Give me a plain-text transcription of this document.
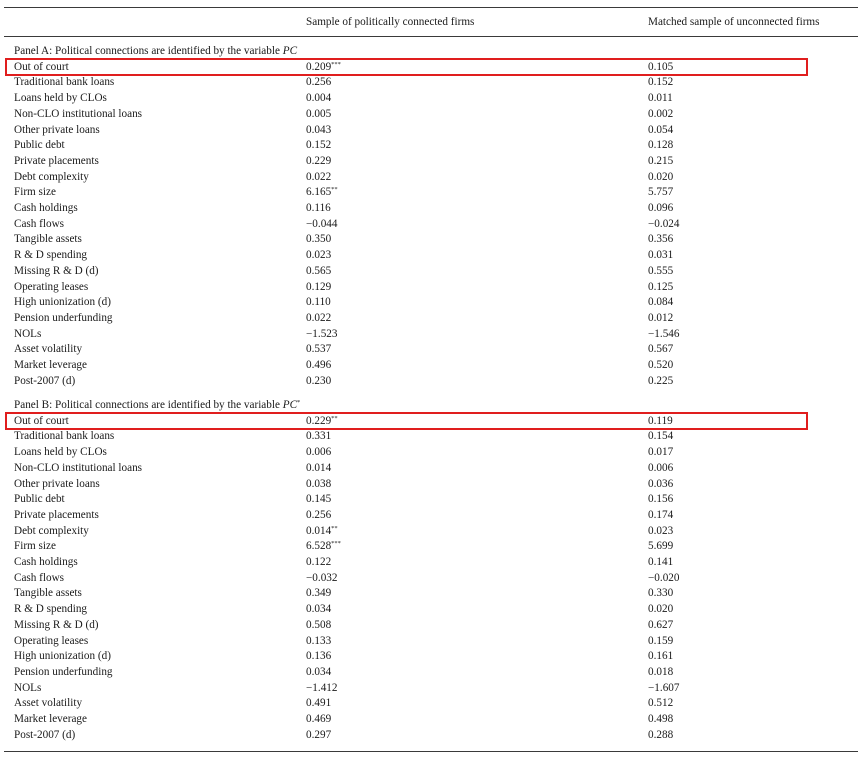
Sample of politically connected firms	Matched sample of unconnected firms
Panel A: Political connections are identified by the variable PC
Out of court	0.209***	0.105
Traditional bank loans	0.256	0.152
Loans held by CLOs	0.004	0.011
Non-CLO institutional loans	0.005	0.002
Other private loans	0.043	0.054
Public debt	0.152	0.128
Private placements	0.229	0.215
Debt complexity	0.022	0.020
Firm size	6.165**	5.757
Cash holdings	0.116	0.096
Cash flows	−0.044	−0.024
Tangible assets	0.350	0.356
R & D spending	0.023	0.031
Missing R & D (d)	0.565	0.555
Operating leases	0.129	0.125
High unionization (d)	0.110	0.084
Pension underfunding	0.022	0.012
NOLs	−1.523	−1.546
Asset volatility	0.537	0.567
Market leverage	0.496	0.520
Post-2007 (d)	0.230	0.225
Panel B: Political connections are identified by the variable PC*
Out of court	0.229**	0.119
Traditional bank loans	0.331	0.154
Loans held by CLOs	0.006	0.017
Non-CLO institutional loans	0.014	0.006
Other private loans	0.038	0.036
Public debt	0.145	0.156
Private placements	0.256	0.174
Debt complexity	0.014**	0.023
Firm size	6.528***	5.699
Cash holdings	0.122	0.141
Cash flows	−0.032	−0.020
Tangible assets	0.349	0.330
R & D spending	0.034	0.020
Missing R & D (d)	0.508	0.627
Operating leases	0.133	0.159
High unionization (d)	0.136	0.161
Pension underfunding	0.034	0.018
NOLs	−1.412	−1.607
Asset volatility	0.491	0.512
Market leverage	0.469	0.498
Post-2007 (d)	0.297	0.288
